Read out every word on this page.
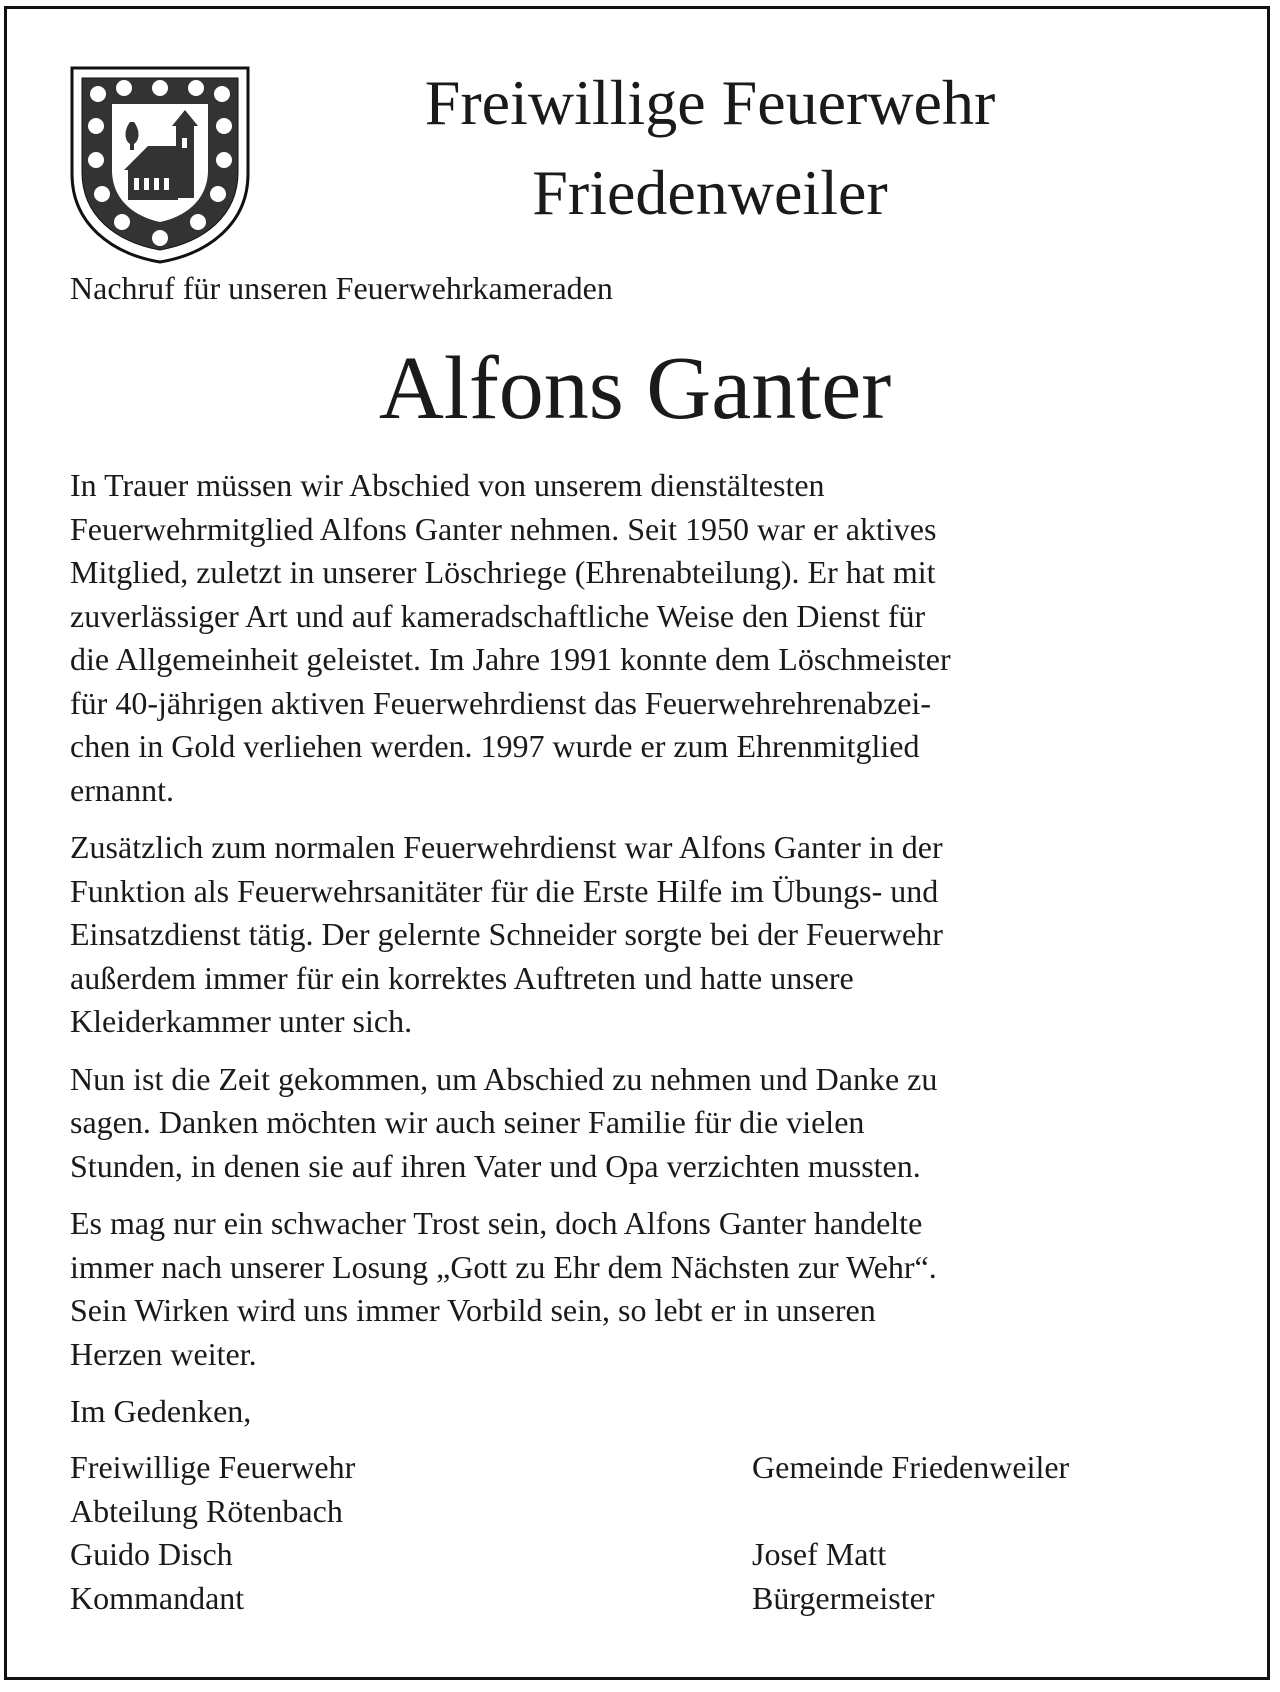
Freiwillige Feuerwehr
Friedenweiler

Nachruf für unseren Feuerwehrkameraden

Alfons Ganter

In Trauer müssen wir Abschied von unserem dienstältesten
Feuerwehrmitglied Alfons Ganter nehmen. Seit 1950 war er aktives
Mitglied, zuletzt in unserer Löschriege (Ehrenabteilung). Er hat mit
zuverlässiger Art und auf kameradschaftliche Weise den Dienst für
die Allgemeinheit geleistet. Im Jahre 1991 konnte dem Löschmeister
für 40-jährigen aktiven Feuerwehrdienst das Feuerwehrehrenabzei-
chen in Gold verliehen werden. 1997 wurde er zum Ehrenmitglied
ernannt.

Zusätzlich zum normalen Feuerwehrdienst war Alfons Ganter in der
Funktion als Feuerwehrsanitäter für die Erste Hilfe im Übungs- und
Einsatzdienst tätig. Der gelernte Schneider sorgte bei der Feuerwehr
außerdem immer für ein korrektes Auftreten und hatte unsere
Kleiderkammer unter sich.

Nun ist die Zeit gekommen, um Abschied zu nehmen und Danke zu
sagen. Danken möchten wir auch seiner Familie für die vielen
Stunden, in denen sie auf ihren Vater und Opa verzichten mussten.

Es mag nur ein schwacher Trost sein, doch Alfons Ganter handelte
immer nach unserer Losung „Gott zu Ehr dem Nächsten zur Wehr“.
Sein Wirken wird uns immer Vorbild sein, so lebt er in unseren
Herzen weiter.

Im Gedenken,

Freiwillige Feuerwehr
Abteilung Rötenbach
Guido Disch
Kommandant
Gemeinde Friedenweiler

Josef Matt
Bürgermeister
